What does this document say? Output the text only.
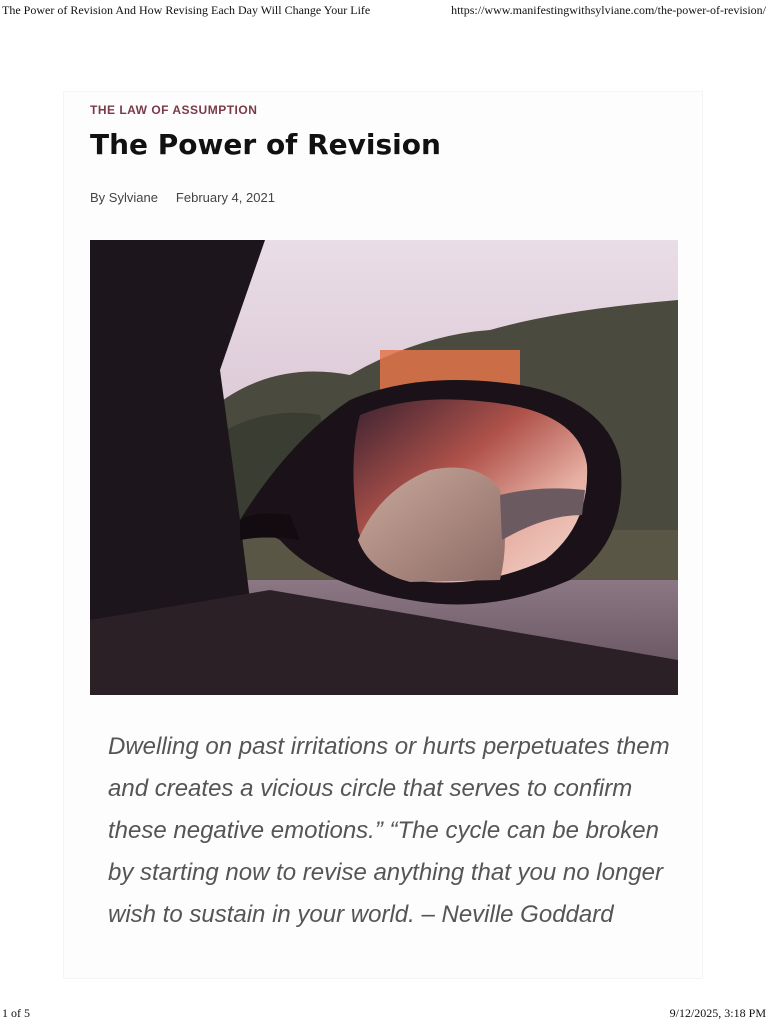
The Power of Revision And How Revising Each Day Will Change Your Life	https://www.manifestingwithsylviane.com/the-power-of-revision/
THE LAW OF ASSUMPTION
The Power of Revision
By Sylviane February 4, 2021

Dwelling on past irritations or hurts perpetuates them and creates a vicious circle that serves to confirm these negative emotions.” “The cycle can be broken by starting now to revise anything that you no longer wish to sustain in your world. – Neville Goddard

1 of 5	9/12/2025, 3:18 PM
